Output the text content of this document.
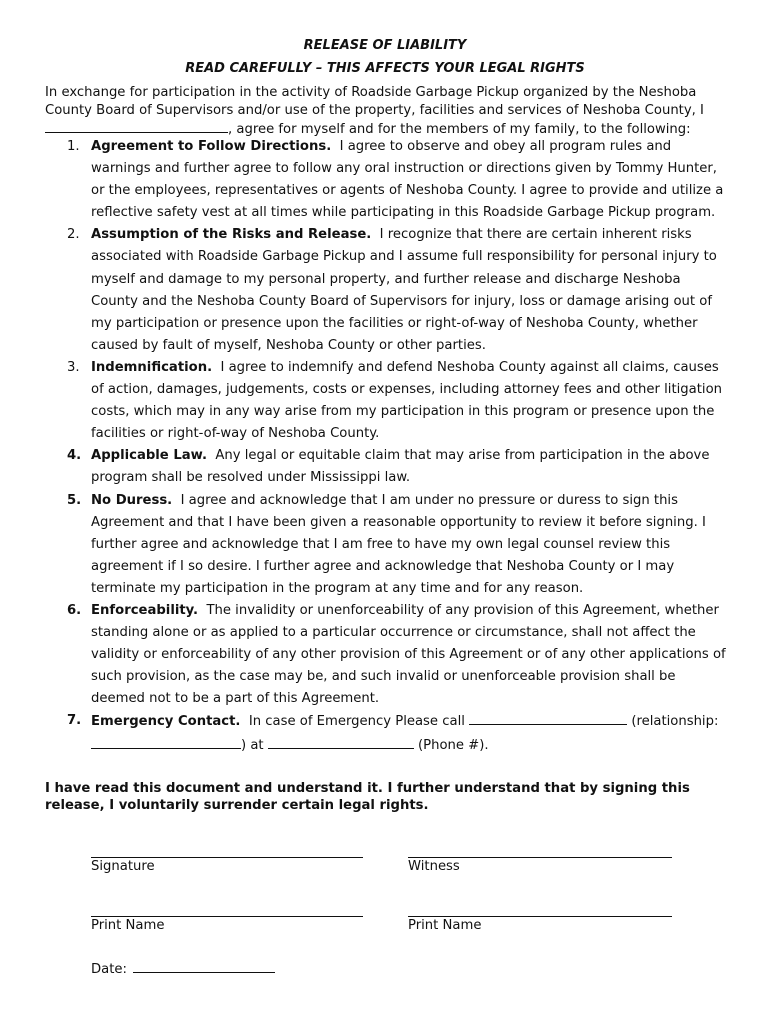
RELEASE OF LIABILITY
READ CAREFULLY – THIS AFFECTS YOUR LEGAL RIGHTS
In exchange for participation in the activity of Roadside Garbage Pickup organized by the Neshoba County Board of Supervisors and/or use of the property, facilities and services of Neshoba County, I
, agree for myself and for the members of my family, to the following:
1. Agreement to Follow Directions. I agree to observe and obey all program rules and warnings and further agree to follow any oral instruction or directions given by Tommy Hunter, or the employees, representatives or agents of Neshoba County. I agree to provide and utilize a reflective safety vest at all times while participating in this Roadside Garbage Pickup program.
2. Assumption of the Risks and Release. I recognize that there are certain inherent risks associated with Roadside Garbage Pickup and I assume full responsibility for personal injury to myself and damage to my personal property, and further release and discharge Neshoba County and the Neshoba County Board of Supervisors for injury, loss or damage arising out of my participation or presence upon the facilities or right-of-way of Neshoba County, whether caused by fault of myself, Neshoba County or other parties.
3. Indemnification. I agree to indemnify and defend Neshoba County against all claims, causes of action, damages, judgements, costs or expenses, including attorney fees and other litigation costs, which may in any way arise from my participation in this program or presence upon the facilities or right-of-way of Neshoba County.
4. Applicable Law. Any legal or equitable claim that may arise from participation in the above program shall be resolved under Mississippi law.
5. No Duress. I agree and acknowledge that I am under no pressure or duress to sign this Agreement and that I have been given a reasonable opportunity to review it before signing. I further agree and acknowledge that I am free to have my own legal counsel review this agreement if I so desire. I further agree and acknowledge that Neshoba County or I may terminate my participation in the program at any time and for any reason.
6. Enforceability. The invalidity or unenforceability of any provision of this Agreement, whether standing alone or as applied to a particular occurrence or circumstance, shall not affect the validity or enforceability of any other provision of this Agreement or of any other applications of such provision, as the case may be, and such invalid or unenforceable provision shall be deemed not to be a part of this Agreement.
7. Emergency Contact. In case of Emergency Please call	(relationship:
) at	(Phone #).
I have read this document and understand it. I further understand that by signing this release, I voluntarily surrender certain legal rights.
Signature	Witness
Print Name	Print Name
Date:
